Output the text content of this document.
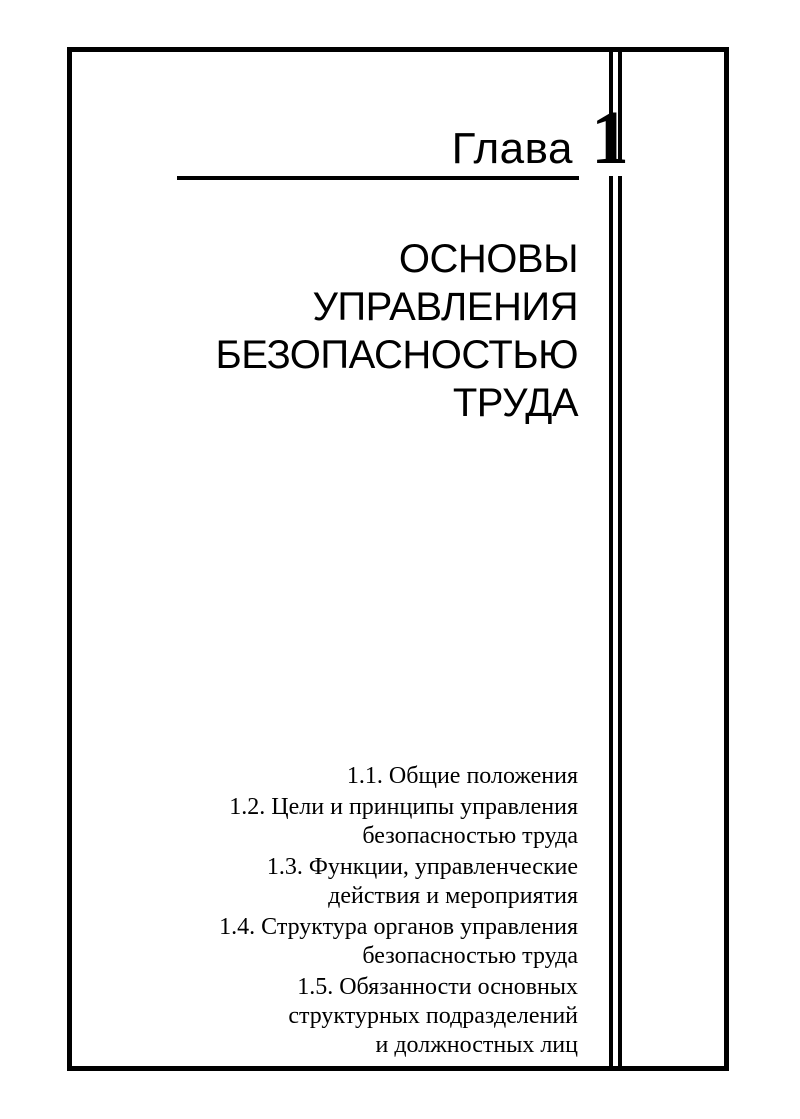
Глава 1
ОСНОВЫ
УПРАВЛЕНИЯ
БЕЗОПАСНОСТЬЮ
ТРУДА
1.1. Общие положения
1.2. Цели и принципы управления
безопасностью труда
1.3. Функции, управленческие
действия и мероприятия
1.4. Структура органов управления
безопасностью труда
1.5. Обязанности основных
структурных подразделений
и должностных лиц
